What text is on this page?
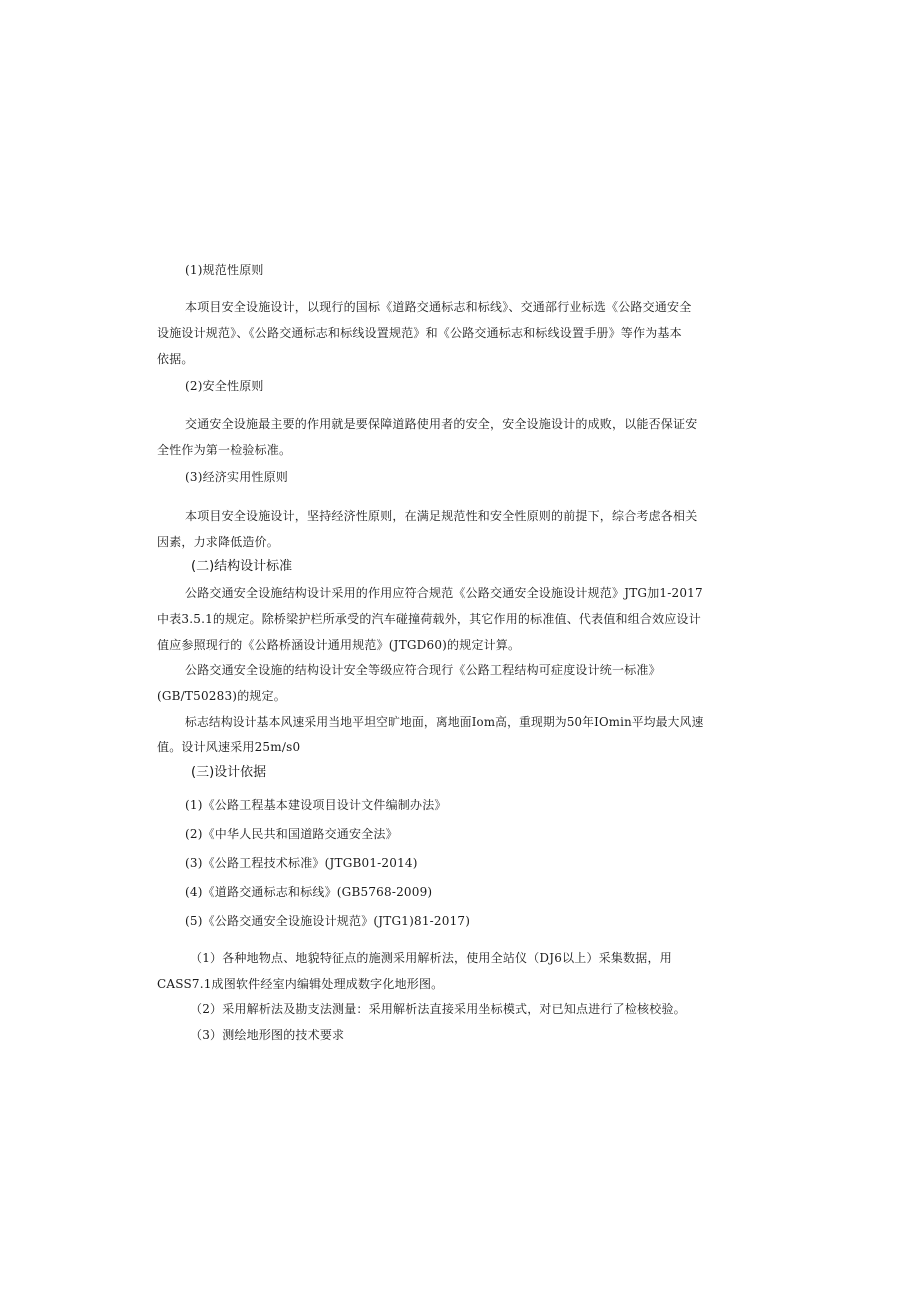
(1)规范性原则
本项目安全设施设计，以现行的国标《道路交通标志和标线》、交通部行业标选《公路交通安全
设施设计规范》、《公路交通标志和标线设置规范》和《公路交通标志和标线设置手册》等作为基本
依据。
(2)安全性原则
交通安全设施最主要的作用就是要保障道路使用者的安全，安全设施设计的成败，以能否保证安
全性作为第一检验标准。
(3)经济实用性原则
本项目安全设施设计，坚持经济性原则，在满足规范性和安全性原则的前提下，综合考虑各相关
因素，力求降低造价。
(二)结构设计标准
公路交通安全设施结构设计采用的作用应符合规范《公路交通安全设施设计规范》JTG加1-2017
中表3.5.1的规定。除桥梁护栏所承受的汽车碰撞荷载外，其它作用的标准值、代表值和组合效应设计
值应参照现行的《公路桥涵设计通用规范》(JTGD60)的规定计算。
公路交通安全设施的结构设计安全等级应符合现行《公路工程结构可症度设计统一标准》
(GB/T50283)的规定。
标志结构设计基本风速采用当地平坦空旷地面，离地面Iom高，重现期为50年IOmin平均最大风速
值。设计风速采用25m∕s0
(三)设计依据
(1)《公路工程基本建设项目设计文件编制办法》
(2)《中华人民共和国道路交通安全法》
(3)《公路工程技术标准》(JTGB01-2014)
(4)《道路交通标志和标线》(GB5768-2009)
(5)《公路交通安全设施设计规范》(JTG1)81-2017)
（1）各种地物点、地貌特征点的施测采用解析法，使用全站仪（DJ6以上）采集数据，用
CASS7.1成图软件经室内编辑处理成数字化地形图。
（2）采用解析法及勘支法测量：采用解析法直接采用坐标模式，对已知点进行了检核校验。
（3）测绘地形图的技术要求
